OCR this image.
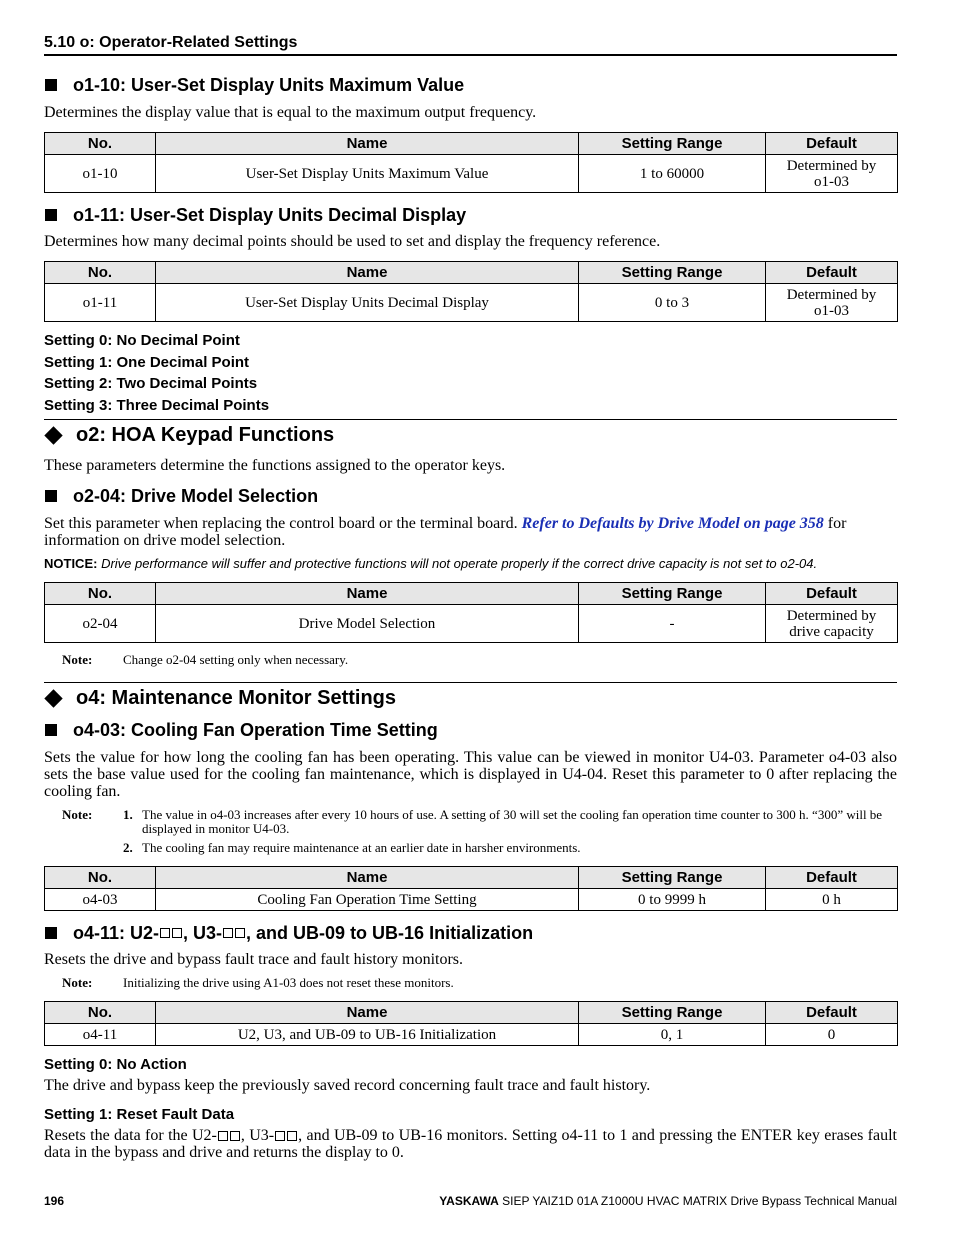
5.10 o: Operator-Related Settings
o1-10: User-Set Display Units Maximum Value

Determines the display value that is equal to the maximum output frequency.

No.	Name	Setting Range	Default
o1-10	User-Set Display Units Maximum Value	1 to 60000	Determined by
o1-03
o1-11: User-Set Display Units Decimal Display

Determines how many decimal points should be used to set and display the frequency reference.

No.	Name	Setting Range	Default
o1-11	User-Set Display Units Decimal Display	0 to 3	Determined by
o1-03
Setting 0: No Decimal Point
Setting 1: One Decimal Point
Setting 2: Two Decimal Points
Setting 3: Three Decimal Points
o2: HOA Keypad Functions

These parameters determine the functions assigned to the operator keys.

o2-04: Drive Model Selection

Set this parameter when replacing the control board or the terminal board. Refer to Defaults by Drive Model on page 358 for information on drive model selection.

NOTICE: Drive performance will suffer and protective functions will not operate properly if the correct drive capacity is not set to o2-04.
No.	Name	Setting Range	Default
o2-04	Drive Model Selection	-	Determined by
drive capacity
Note:	Change o2-04 setting only when necessary.
o4: Maintenance Monitor Settings
o4-03: Cooling Fan Operation Time Setting

Sets the value for how long the cooling fan has been operating. This value can be viewed in monitor U4-03. Parameter o4-03 also sets the base value used for the cooling fan maintenance, which is displayed in U4-04. Reset this parameter to 0 after replacing the cooling fan.

Note:	1. The value in o4-03 increases after every 10 hours of use. A setting of 30 will set the cooling fan operation time counter to 300 h. “300” will be displayed in monitor U4-03.
2. The cooling fan may require maintenance at an earlier date in harsher environments.
No.	Name	Setting Range	Default
o4-03	Cooling Fan Operation Time Setting	0 to 9999 h	0 h
o4-11: U2- , U3- , and UB-09 to UB-16 Initialization

Resets the drive and bypass fault trace and fault history monitors.

Note:	Initializing the drive using A1-03 does not reset these monitors.
No.	Name	Setting Range	Default
o4-11	U2, U3, and UB-09 to UB-16 Initialization	0, 1	0
Setting 0: No Action

The drive and bypass keep the previously saved record concerning fault trace and fault history.

Setting 1: Reset Fault Data

Resets the data for the U2- , U3- , and UB-09 to UB-16 monitors. Setting o4-11 to 1 and pressing the ENTER key erases fault data in the bypass and drive and returns the display to 0.

196	YASKAWA SIEP YAIZ1D 01A Z1000U HVAC MATRIX Drive Bypass Technical Manual
